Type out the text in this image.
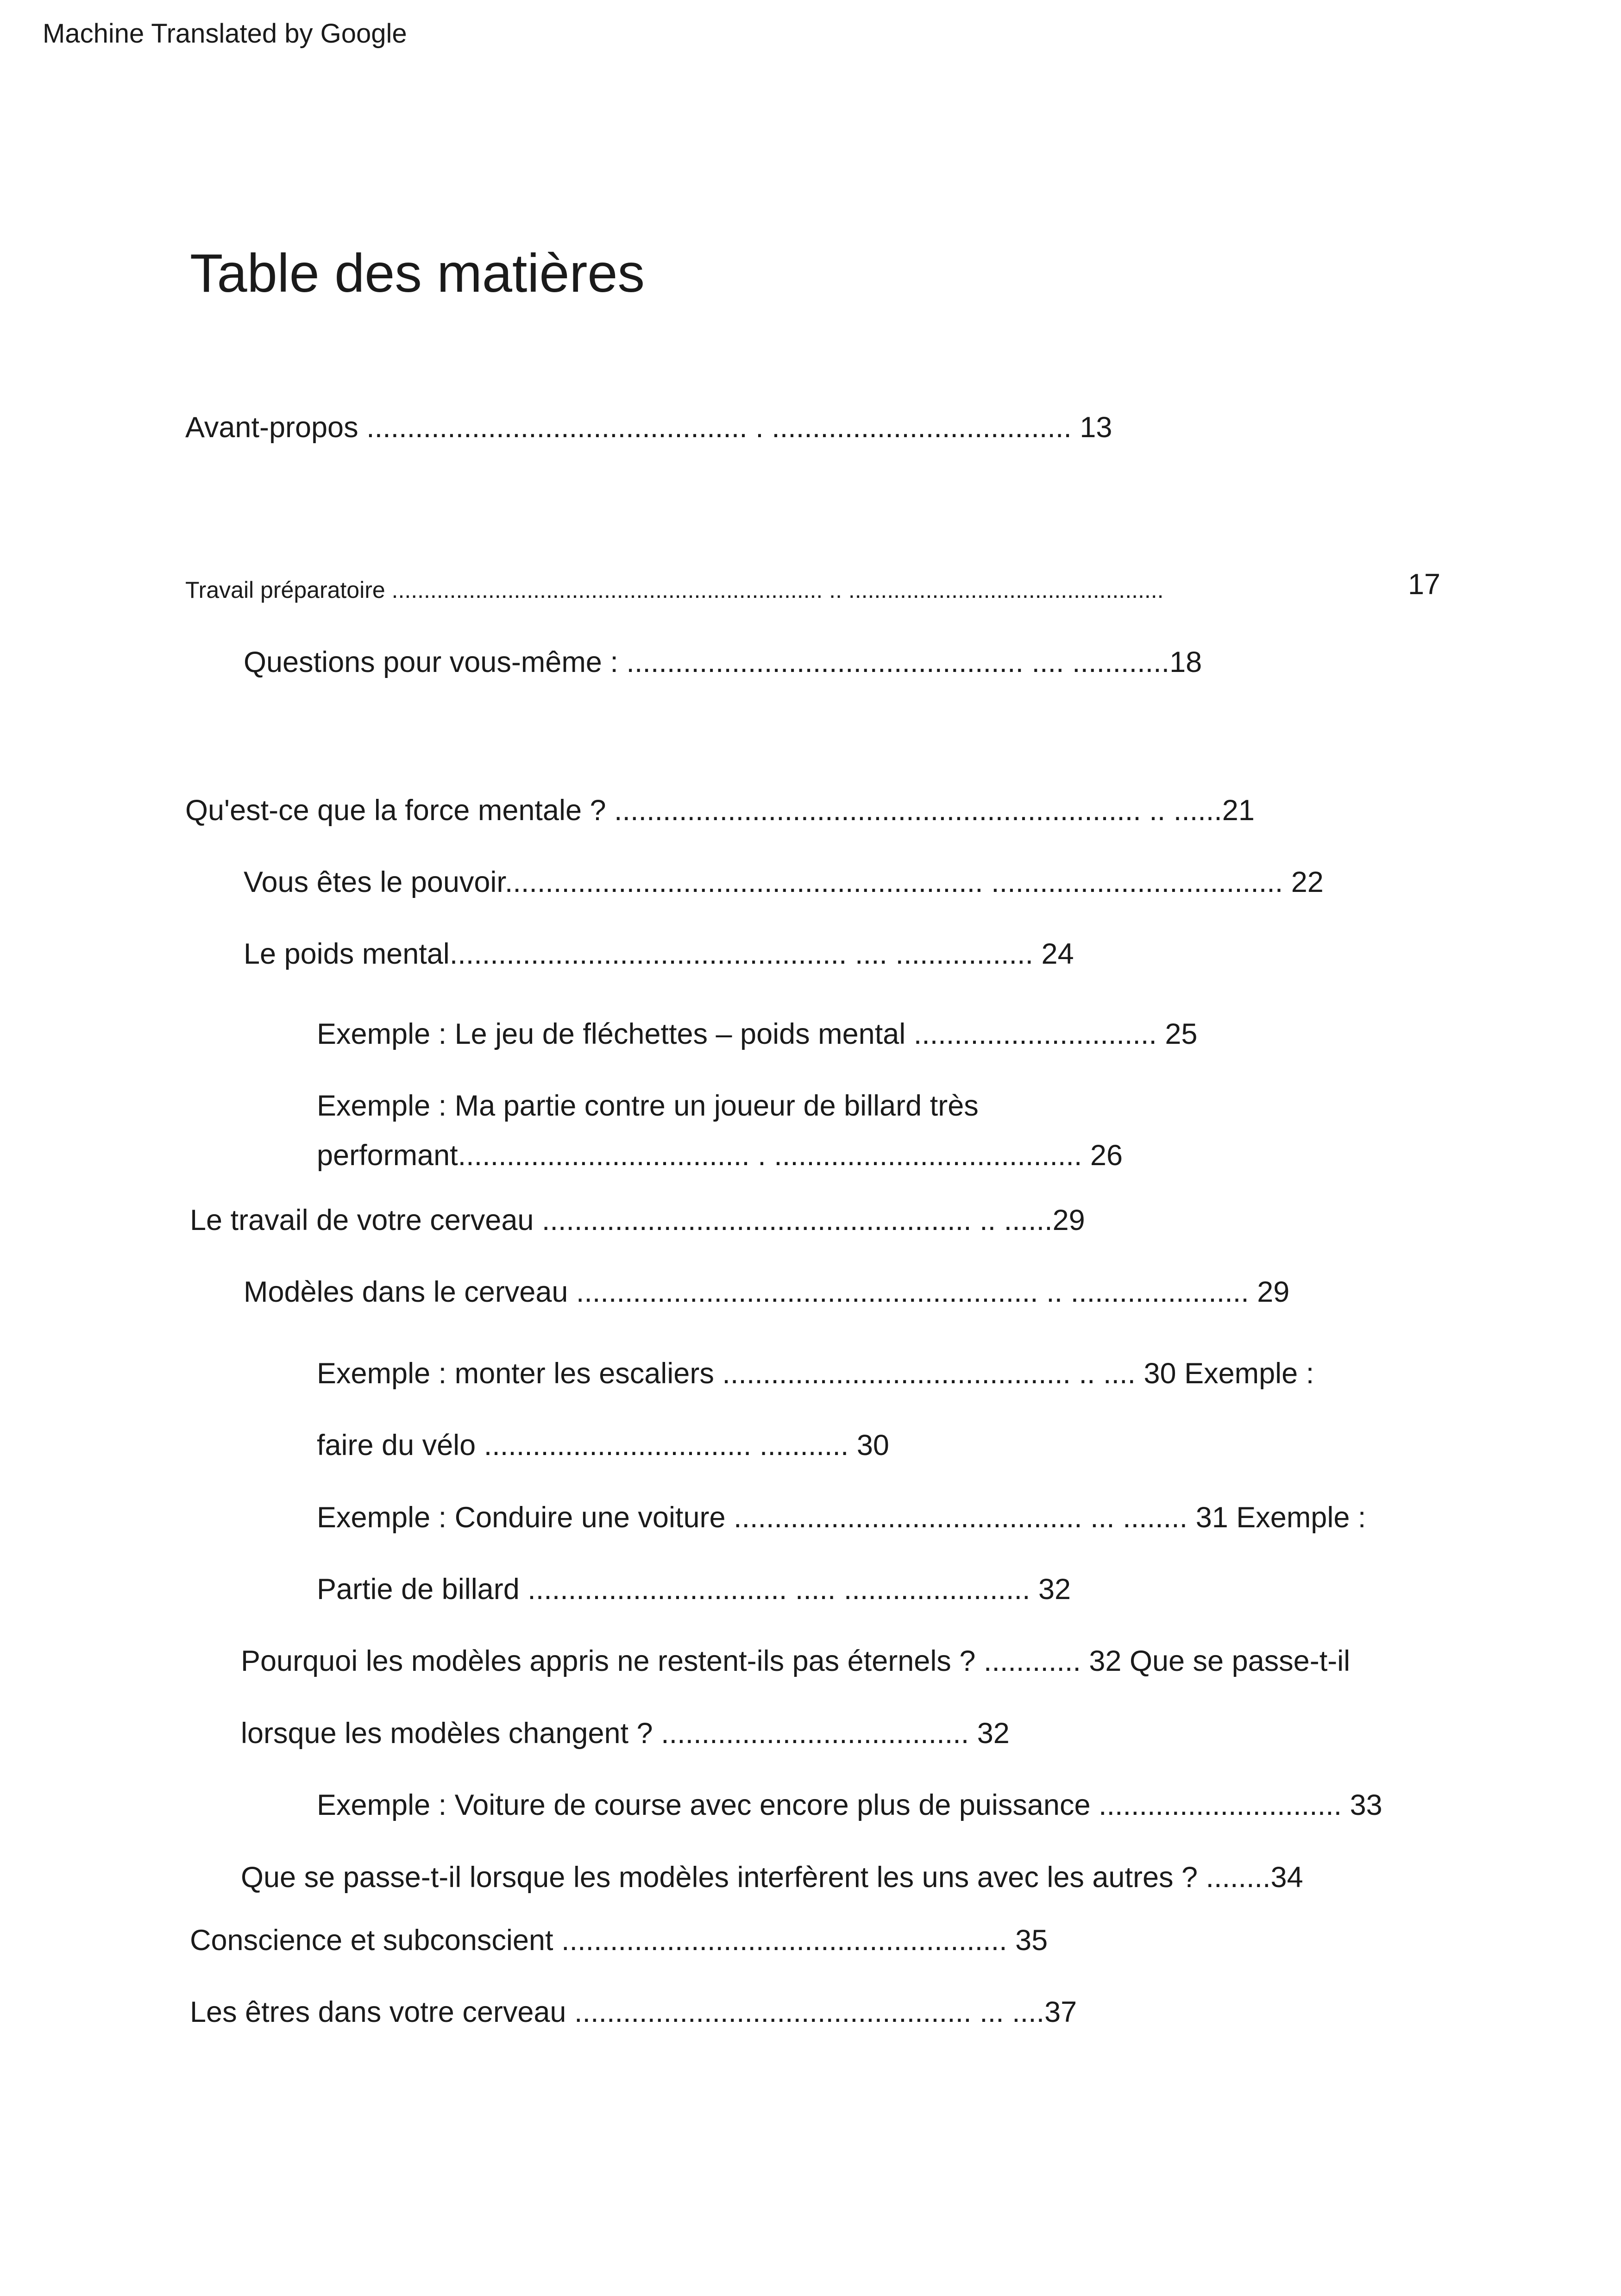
Machine Translated by Google
Table des matières
Avant-propos ............................................... . ..................................... 13
Travail préparatoire ................................................................... .. .................................................	17
Questions pour vous-même : ................................................. .... ............18
Qu'est-ce que la force mentale ? ................................................................. .. ......21
Vous êtes le pouvoir........................................................... .................................... 22
Le poids mental................................................. .... ................. 24
Exemple : Le jeu de fléchettes – poids mental .............................. 25
Exemple : Ma partie contre un joueur de billard très
performant.................................... . ...................................... 26
Le travail de votre cerveau ..................................................... .. ......29
Modèles dans le cerveau ......................................................... .. ...................... 29
Exemple : monter les escaliers ........................................... .. .... 30 Exemple :
faire du vélo ................................. ........... 30
Exemple : Conduire une voiture ........................................... ... ........ 31 Exemple :
Partie de billard ................................ ..... ....................... 32
Pourquoi les modèles appris ne restent-ils pas éternels ? ............ 32 Que se passe-t-il
lorsque les modèles changent ? ...................................... 32
Exemple : Voiture de course avec encore plus de puissance .............................. 33
Que se passe-t-il lorsque les modèles interfèrent les uns avec les autres ? ........34
Conscience et subconscient ....................................................... 35
Les êtres dans votre cerveau ................................................. ... ....37
